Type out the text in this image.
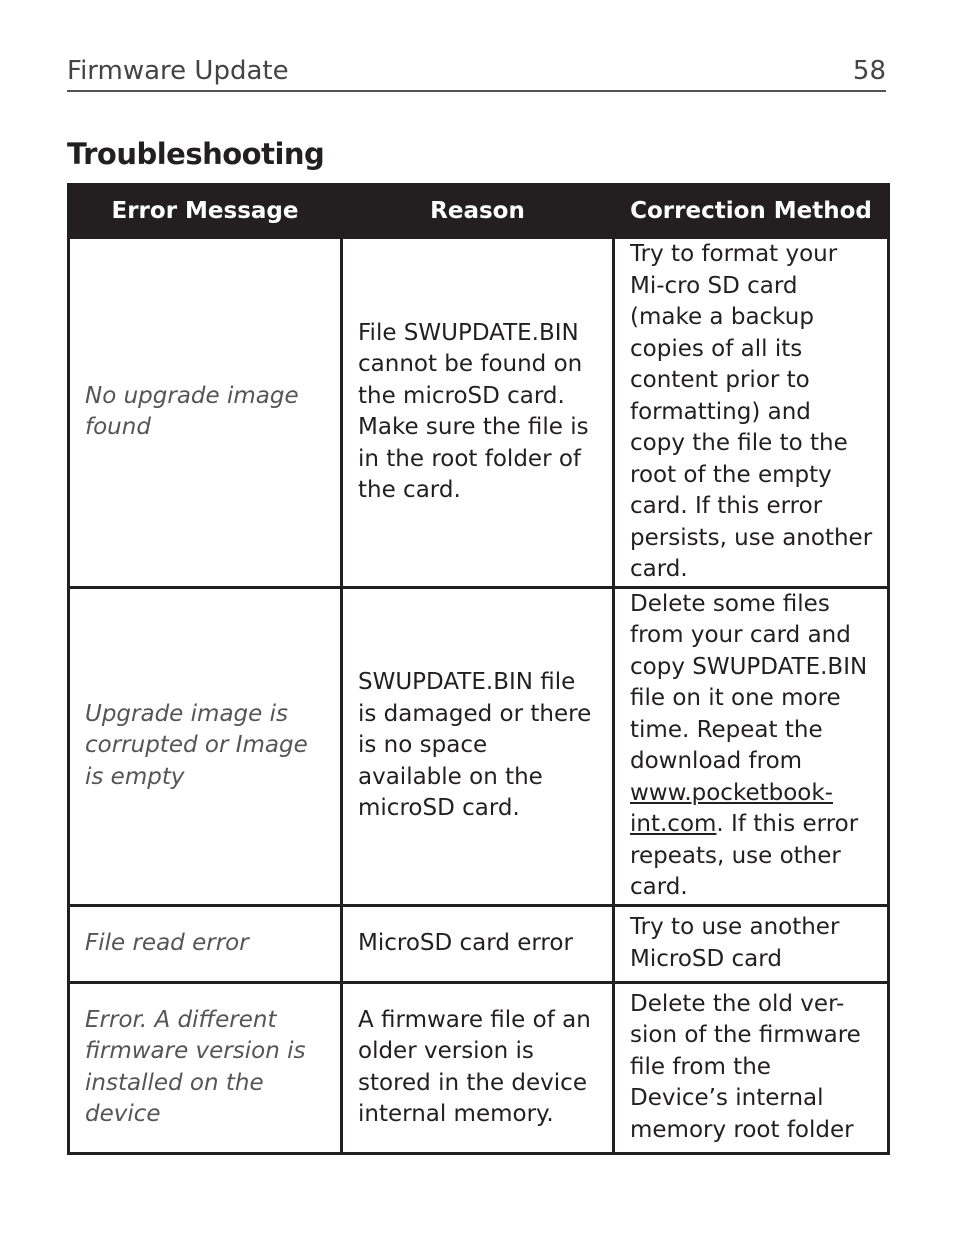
Firmware Update	58
Troubleshooting
Error Message	Reason	Correction Method
No upgrade image found	File SWUPDATE.BIN cannot be found on the microSD card. Make sure the file is in the root folder of the card.	Try to format your Mi-cro SD card (make a backup copies of all its content prior to formatting) and copy the file to the root of the empty card. If this error persists, use another card.
Upgrade image is corrupted or Image is empty	SWUPDATE.BIN file is damaged or there is no space available on the microSD card.	Delete some files from your card and copy SWUPDATE.BIN file on it one more time. Repeat the download from www.pocketbook-int.com. If this error repeats, use other card.
File read error	MicroSD card error	Try to use another MicroSD card
Error. A different firmware version is installed on the device	A firmware file of an older version is stored in the device internal memory.	Delete the old ver-sion of the firmware file from the Device’s internal memory root folder
